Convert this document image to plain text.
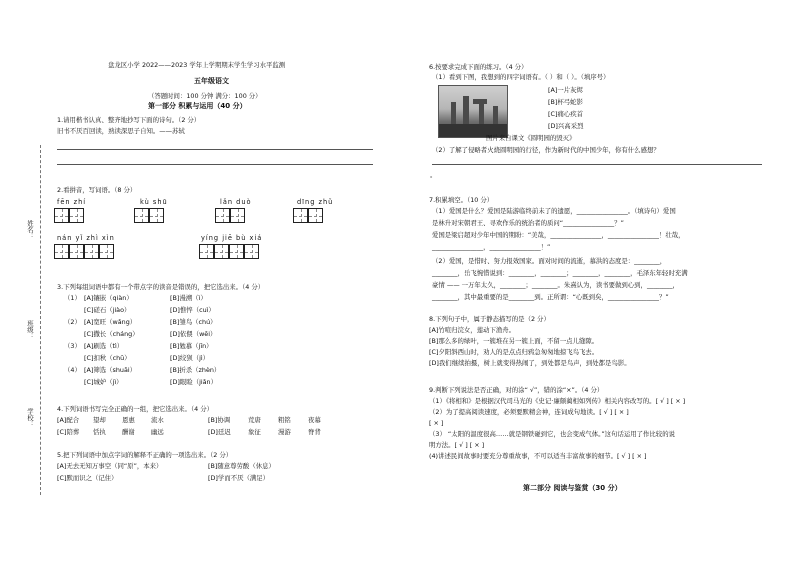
姓名：
班级：
学校：
盘龙区小学 2022——2023 学年上学期期末学生学习水平监测
五年级语文
（答题时间：100 分钟 满分：100 分）
第一部分 积累与运用（40 分）
1.请用楷书认真、整齐地抄写下面的诗句。（2 分）
旧书不厌百回读，熟读深思子自知。——苏轼
2.看拼音，写词语。（8 分）
fēn zhí	kù shū	lǎn duò	dīng zhǔ
nán yǐ zhì xìn	yíng jiē bù xiá
3.下列每组词语中都有一个带点字的读音是错误的，把它选出来。（4 分）
（1） [A]镶嵌（qiàn）	[B]漫溯（ì）
[C]磋石（jiào）	[D]憔悴（cuì）
（2） [A]宽旺（wǎng）	[B]雏鸟（chú）
[C]撒长（cháng）	[D]依偎（wēi）
（3） [A]刷选（tì）	[B]勉慕（jīn）
[C]扣秋（chū）	[D]绞狈（jì）
（4） [A]筛选（shuāi）	[B]折杀（zhèn）
[C]城妒（jì）	[D]眼睑（jiǎn）
4.下列词语书写完全正确的一组，把它选出来。（4 分）
[A]配合 望却	恩惠	流水	[B]协调	荒唐	粗铭	夜幕
[C]陪葬 恬执	酬谢	幽远	[D]廷迟	象征	漫游	脊背
5.把下列词语中加点字词的解释不正确的一项选出来。（2 分）
[A]无去无知万事空（同“原”，本来）	[B]随意尊劳酸（休息）
[C]默而识之（记住）	[D]学而不厌（满足）
6.按要求完成下面的练习。（4 分）
（1）看到下图，我想到的四字词语有。（ ）和（ ）。（填序号）
[A]一片灰烬
[B]杯弓蛇影
[C]痛心疾首
[D]兴高采烈
图片来自课文《圆明园的毁灭》
（2）了解了侵略者火烧圆明园的行径，作为新时代的中国少年，你有什么感想？
。
7.积累填空。（10 分）
（1）爱国是什么？爱国是陆游临终前未了的遗愿，________________。（填诗句）爱国
是林升对宋朝君王、寻欢作乐的统治者的质问“________________？”
爱国是梁启超对少年中国的期盼：“美哉，________________，________________！壮哉，
________________，________________！”
（2）爱国，是惜时、努力报效国家。面对时间的流逝，慕洪的态度是：________，
________，岳飞惋惜说到：________，________；________，________，毛泽东年轻时充满
豪情 —— 一万年太久，________；________。朱熹认为，读书要做到心到，________，
________，其中最重要的是________到。正所谓：“心既到矣，________________？”
8.下列句子中，属于静态描写的是（2 分）
[A]竹喧归浣女，莲动下渔舟。
[B]那么多的绿叶，一簇堆在另一簇上面，不留一点儿缝隙。
[C]夕阳斜西山时，劝人的是点点归鸦急匆匆地掠飞鸟飞去。
[D]我们继续拍摄，树上就变得热闹了，到处都是鸟声，到处都是鸟影。
9.判断下列说法是否正确，对的涂“ √”，错的涂“×”。（4 分）
（1）《将相和》是根据汉代司马光的《史记·廉颇蔺相如列传》相关内容改写的。[ √ ] [ × ]
（2）为了提高阅读速度，必须要默精会神，连词成句地读。[ √ ] [ × ]
[ × ]
（3） “太阳的温度很高……就是钢铁碰到它，也会变成气体。”这句话运用了作比较的说
明方法。[ √ ] [ × ]
(4)讲述民间故事时要充分尊重故事，不可以适当丰富故事的细节。[ √ ] [ × ]
第二部分 阅读与鉴赏（30 分）
